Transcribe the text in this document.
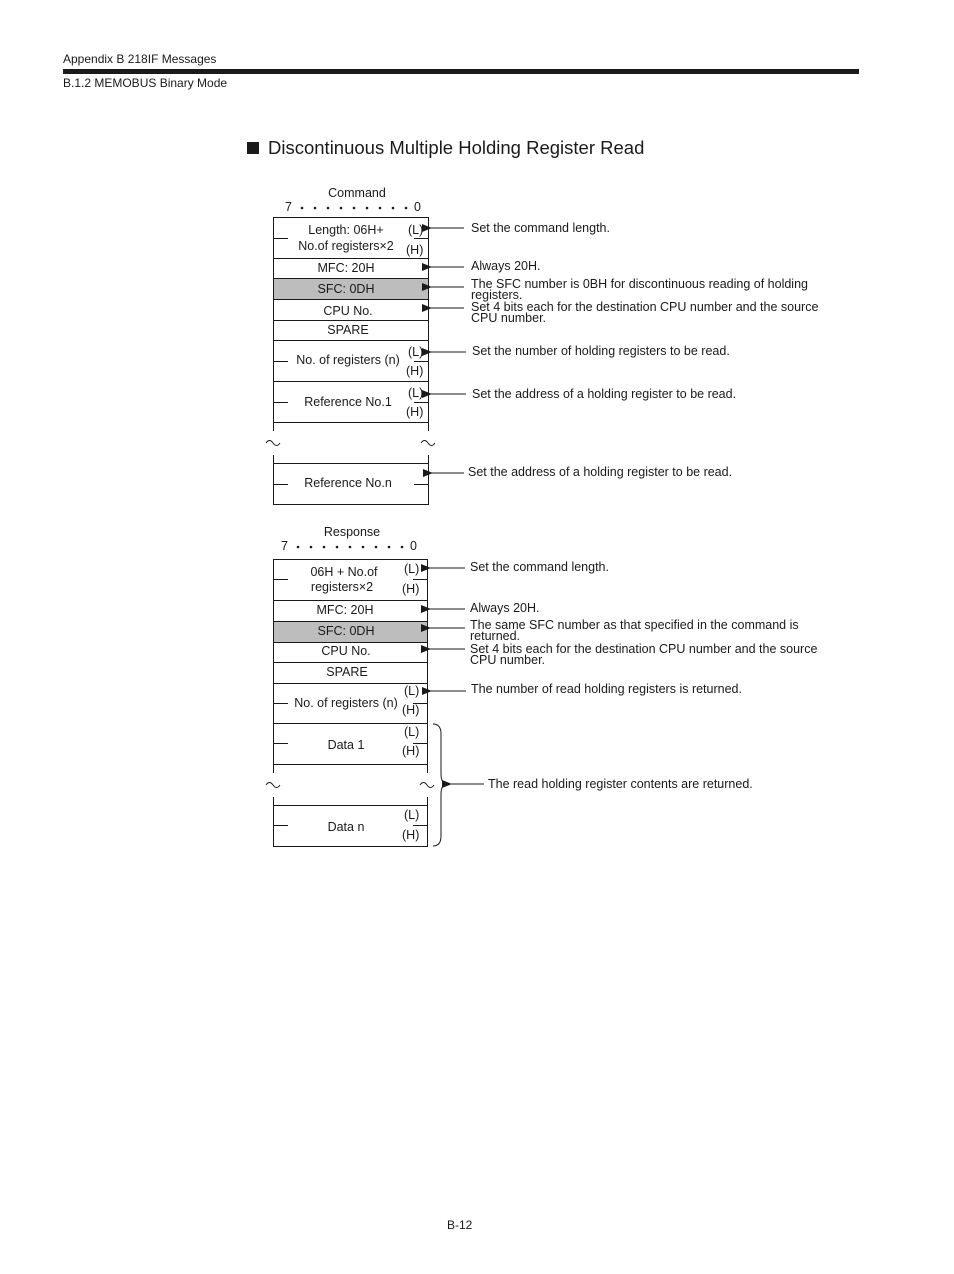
Appendix B 218IF Messages
B.1.2 MEMOBUS Binary Mode
Discontinuous Multiple Holding Register Read
Command
7	0
Length: 06H+
No.of registers×2
MFC: 20H
SFC: 0DH
CPU No.
SPARE
No. of registers (n)
Reference No.1
Reference No.n
(L)
(H)
(L)
(H)
(L)
(H)
Set the command length.
Always 20H.
The SFC number is 0BH for discontinuous reading of holding
registers.
Set 4 bits each for the destination CPU number and the source
CPU number.
Set the number of holding registers to be read.
Set the address of a holding register to be read.
Set the address of a holding register to be read.
Response
7	0
06H + No.of
registers×2
MFC: 20H
SFC: 0DH
CPU No.
SPARE
No. of registers (n)
Data 1
Data n
(L)
(H)
(L)
(H)
(L)
(H)
(L)
(H)
Set the command length.
Always 20H.
The same SFC number as that specified in the command is
returned.
Set 4 bits each for the destination CPU number and the source
CPU number.
The number of read holding registers is returned.
The read holding register contents are returned.
B-12
